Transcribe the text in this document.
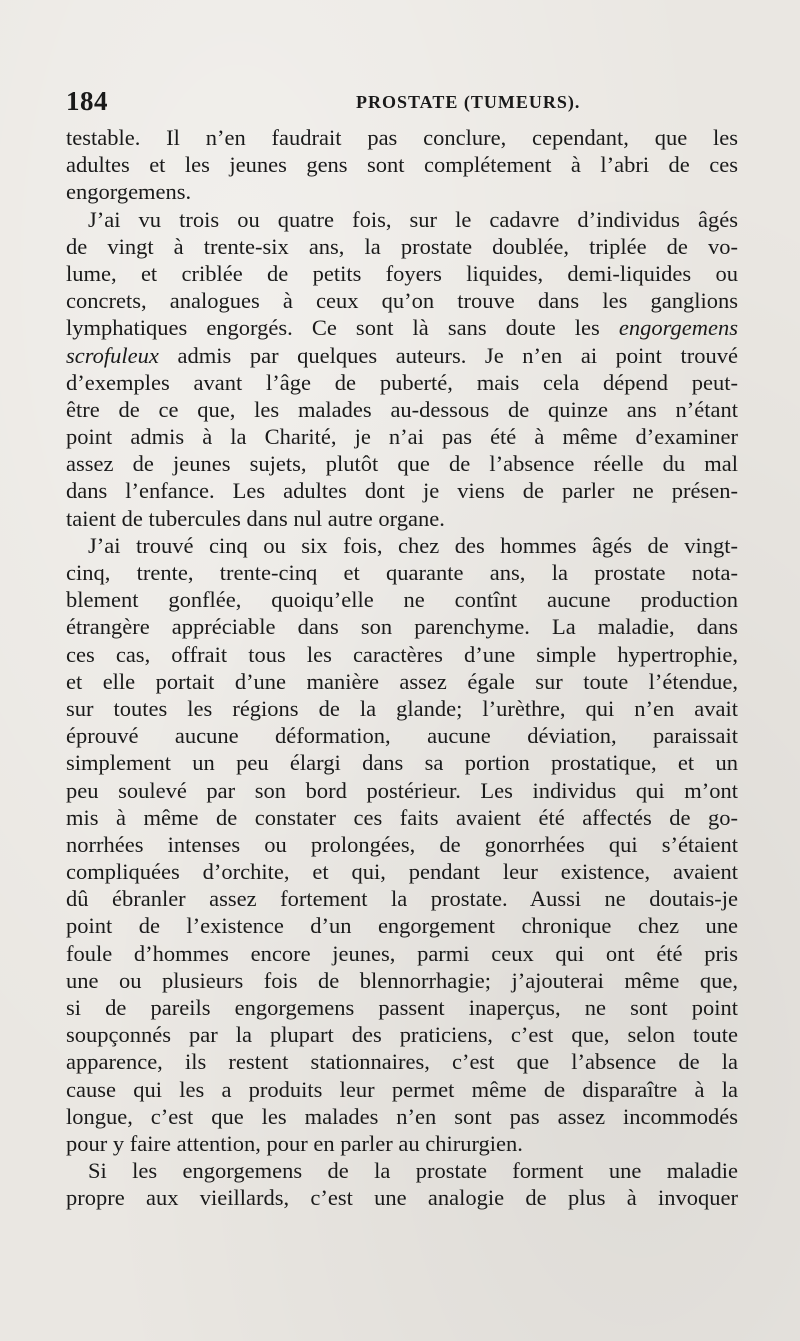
184	PROSTATE (TUMEURS).
testable. Il n’en faudrait pas conclure, cependant, que les
adultes et les jeunes gens sont complétement à l’abri de ces
engorgemens.
J’ai vu trois ou quatre fois, sur le cadavre d’individus âgés
de vingt à trente-six ans, la prostate doublée, triplée de vo-
lume, et criblée de petits foyers liquides, demi-liquides ou
concrets, analogues à ceux qu’on trouve dans les ganglions
lymphatiques engorgés. Ce sont là sans doute les engorgemens
scrofuleux admis par quelques auteurs. Je n’en ai point trouvé
d’exemples avant l’âge de puberté, mais cela dépend peut-
être de ce que, les malades au-dessous de quinze ans n’étant
point admis à la Charité, je n’ai pas été à même d’examiner
assez de jeunes sujets, plutôt que de l’absence réelle du mal
dans l’enfance. Les adultes dont je viens de parler ne présen-
taient de tubercules dans nul autre organe.
J’ai trouvé cinq ou six fois, chez des hommes âgés de vingt-
cinq, trente, trente-cinq et quarante ans, la prostate nota-
blement gonflée, quoiqu’elle ne contînt aucune production
étrangère appréciable dans son parenchyme. La maladie, dans
ces cas, offrait tous les caractères d’une simple hypertrophie,
et elle portait d’une manière assez égale sur toute l’étendue,
sur toutes les régions de la glande; l’urèthre, qui n’en avait
éprouvé aucune déformation, aucune déviation, paraissait
simplement un peu élargi dans sa portion prostatique, et un
peu soulevé par son bord postérieur. Les individus qui m’ont
mis à même de constater ces faits avaient été affectés de go-
norrhées intenses ou prolongées, de gonorrhées qui s’étaient
compliquées d’orchite, et qui, pendant leur existence, avaient
dû ébranler assez fortement la prostate. Aussi ne doutais-je
point de l’existence d’un engorgement chronique chez une
foule d’hommes encore jeunes, parmi ceux qui ont été pris
une ou plusieurs fois de blennorrhagie; j’ajouterai même que,
si de pareils engorgemens passent inaperçus, ne sont point
soupçonnés par la plupart des praticiens, c’est que, selon toute
apparence, ils restent stationnaires, c’est que l’absence de la
cause qui les a produits leur permet même de disparaître à la
longue, c’est que les malades n’en sont pas assez incommodés
pour y faire attention, pour en parler au chirurgien.
Si les engorgemens de la prostate forment une maladie
propre aux vieillards, c’est une analogie de plus à invoquer
